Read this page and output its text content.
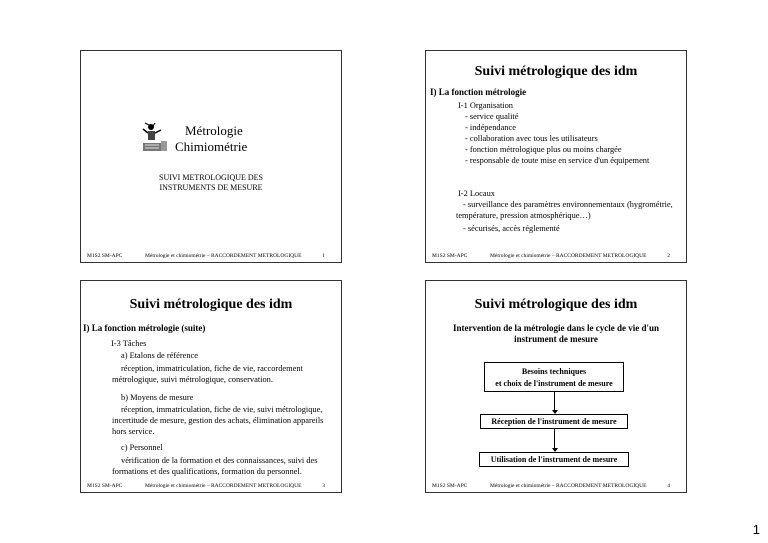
Métrologie
Chimiométrie
SUIVI METROLOGIQUE DES
INSTRUMENTS DE MESURE
M1S2 SM-APC	Métrologie et chimiométrie – RACCORDEMENT METROLOGIQUE	1
Suivi métrologique des idm
I) La fonction métrologie
I-1 Organisation
- service qualité
- indépendance
- collaboration avec tous les utilisateurs
- fonction métrologique plus ou moins chargée
- responsable de toute mise en service d'un équipement
I-2 Locaux
- surveillance des paramètres environnementaux (hygrométrie,
température, pression atmosphérique…)
- sécurisés, accès réglementé
M1S2 SM-APC	Métrologie et chimiométrie – RACCORDEMENT METROLOGIQUE	2
Suivi métrologique des idm
I) La fonction métrologie (suite)
I-3 Tâches
a) Etalons de référence
réception, immatriculation, fiche de vie, raccordement
métrologique, suivi métrologique, conservation.
b) Moyens de mesure
réception, immatriculation, fiche de vie, suivi métrologique,
incertitude de mesure, gestion des achats, élimination appareils
hors service.
c) Personnel
vérification de la formation et des connaissances, suivi des
formations et des qualifications, formation du personnel.
M1S2 SM-APC	Métrologie et chimiométrie – RACCORDEMENT METROLOGIQUE	3
Suivi métrologique des idm
Intervention de la métrologie dans le cycle de vie d'un
instrument de mesure
Besoins techniques
et choix de l'instrument de mesure
Réception de l'instrument de mesure
Utilisation de l'instrument de mesure
M1S2 SM-APC	Métrologie et chimiométrie – RACCORDEMENT METROLOGIQUE	4
1
